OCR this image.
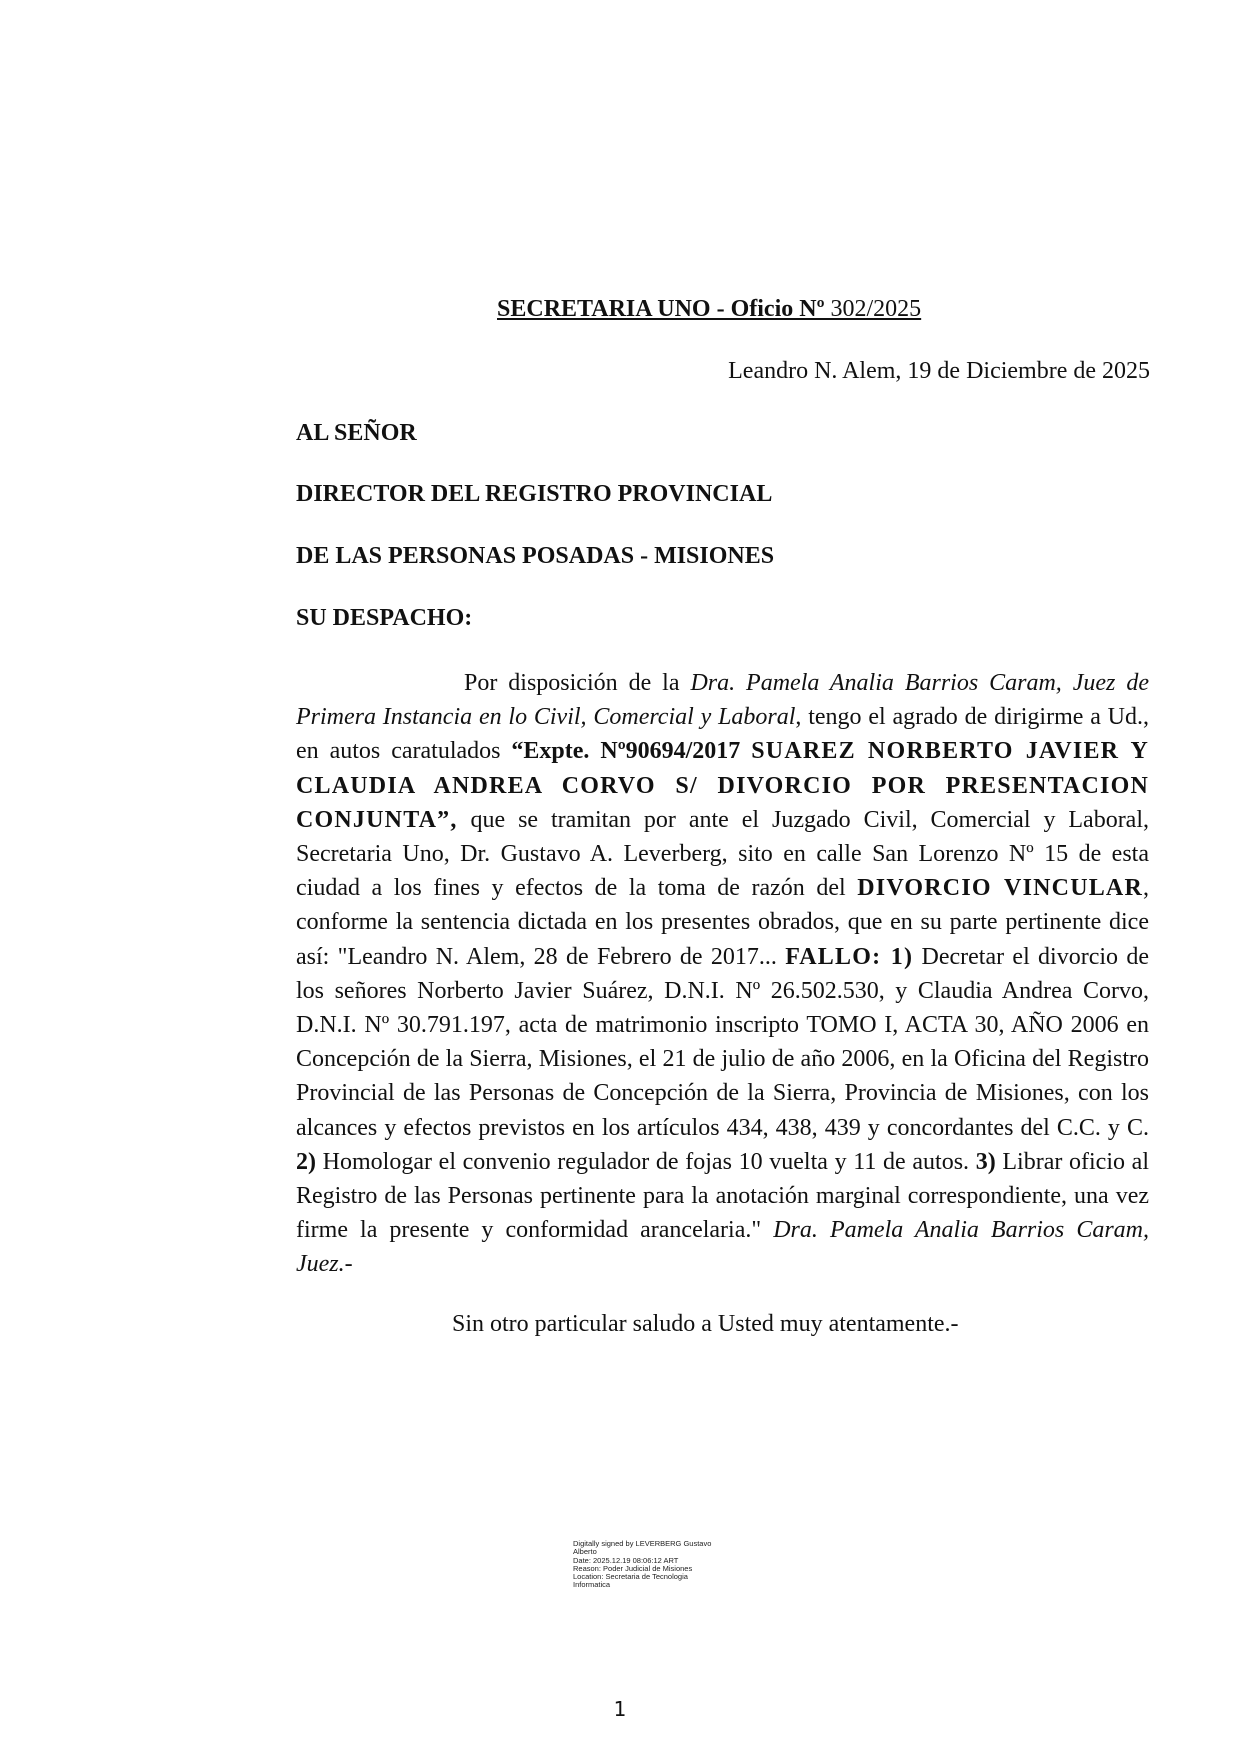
SECRETARIA UNO - Oficio Nº 302/2025
Leandro N. Alem, 19 de Diciembre de 2025
AL SEÑOR
DIRECTOR DEL REGISTRO PROVINCIAL
DE LAS PERSONAS POSADAS - MISIONES
SU DESPACHO:
Por disposición de la Dra. Pamela Analia Barrios Caram, Juez de Primera Instancia en lo Civil, Comercial y Laboral, tengo el agrado de dirigirme a Ud., en autos caratulados “Expte. Nº90694/2017 SUAREZ NORBERTO JAVIER Y CLAUDIA ANDREA CORVO S/ DIVORCIO POR PRESENTACION CONJUNTA”, que se tramitan por ante el Juzgado Civil, Comercial y Laboral, Secretaria Uno, Dr. Gustavo A. Leverberg, sito en calle San Lorenzo Nº 15 de esta ciudad a los fines y efectos de la toma de razón del DIVORCIO VINCULAR, conforme la sentencia dictada en los presentes obrados, que en su parte pertinente dice así: "Leandro N. Alem, 28 de Febrero de 2017... FALLO: 1) Decretar el divorcio de los señores Norberto Javier Suárez, D.N.I. Nº 26.502.530, y Claudia Andrea Corvo, D.N.I. Nº 30.791.197, acta de matrimonio inscripto TOMO I, ACTA 30, AÑO 2006 en Concepción de la Sierra, Misiones, el 21 de julio de año 2006, en la Oficina del Registro Provincial de las Personas de Concepción de la Sierra, Provincia de Misiones, con los alcances y efectos previstos en los artículos 434, 438, 439 y concordantes del C.C. y C. 2) Homologar el convenio regulador de fojas 10 vuelta y 11 de autos. 3) Librar oficio al Registro de las Personas pertinente para la anotación marginal correspondiente, una vez firme la presente y conformidad arancelaria." Dra. Pamela Analia Barrios Caram, Juez.-
Sin otro particular saludo a Usted muy atentamente.-
Digitally signed by LEVERBERG Gustavo
Alberto
Date: 2025.12.19 08:06:12 ART
Reason: Poder Judicial de Misiones
Location: Secretaria de Tecnologia
Informatica
1
